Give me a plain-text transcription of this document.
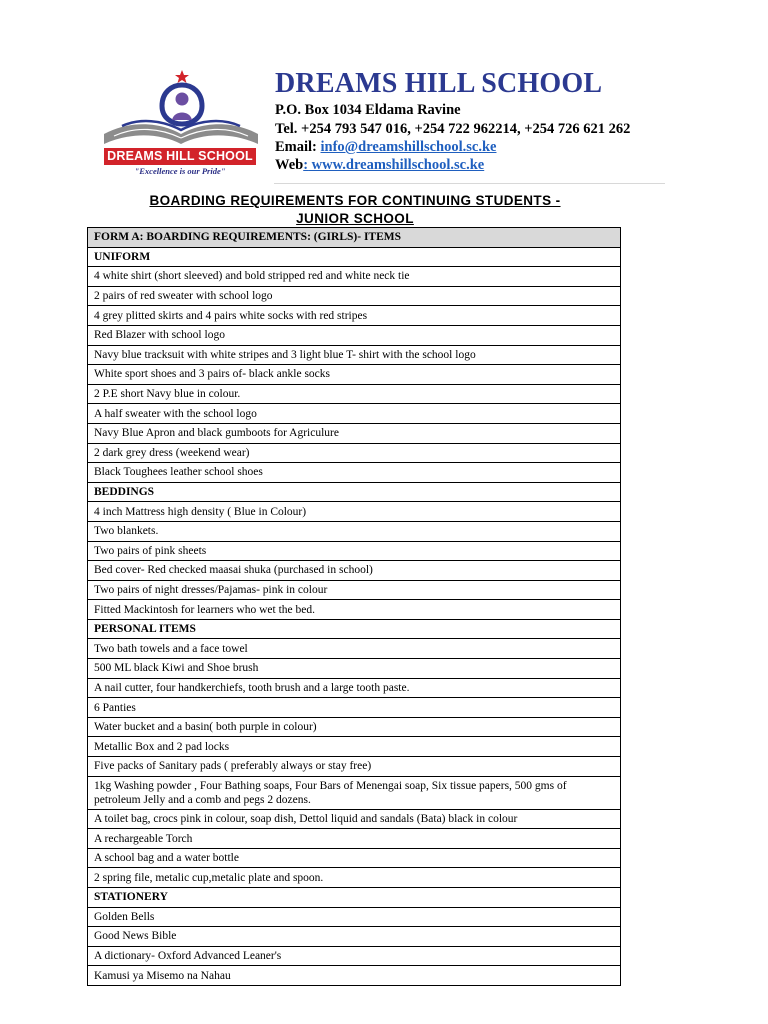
DREAMS HILL SCHOOL
"Excellence is our Pride"
DREAMS HILL SCHOOL
P.O. Box 1034 Eldama Ravine
Tel. +254 793 547 016, +254 722 962214, +254 726 621 262
Email: info@dreamshillschool.sc.ke
Web: www.dreamshillschool.sc.ke
BOARDING REQUIREMENTS FOR CONTINUING STUDENTS -
JUNIOR SCHOOL
FORM A: BOARDING REQUIREMENTS: (GIRLS)- ITEMS
UNIFORM
4 white shirt (short sleeved) and bold stripped red and white neck tie
2 pairs of red sweater with school logo
4 grey plitted skirts and 4 pairs white socks with red stripes
Red Blazer with school logo
Navy blue tracksuit with white stripes and 3 light blue T- shirt with the school logo
White sport shoes and 3 pairs of- black ankle socks
2 P.E short Navy blue in colour.
A half sweater with the school logo
Navy Blue Apron and black gumboots for Agriculure
2 dark grey dress (weekend wear)
Black Toughees leather school shoes
BEDDINGS
4 inch Mattress high density ( Blue in Colour)
Two blankets.
Two pairs of pink sheets
Bed cover- Red checked maasai shuka (purchased in school)
Two pairs of night dresses/Pajamas- pink in colour
Fitted Mackintosh for learners who wet the bed.
PERSONAL ITEMS
Two bath towels and a face towel
500 ML black Kiwi and Shoe brush
A nail cutter, four handkerchiefs, tooth brush and a large tooth paste.
6 Panties
Water bucket and a basin( both purple in colour)
Metallic Box and 2 pad locks
Five packs of Sanitary pads ( preferably always or stay free)
1kg Washing powder , Four Bathing soaps, Four Bars of Menengai soap, Six tissue papers, 500 gms of petroleum Jelly and a comb and pegs 2 dozens.
A toilet bag, crocs pink in colour, soap dish, Dettol liquid and sandals (Bata) black in colour
A rechargeable Torch
A school bag and a water bottle
2 spring file, metalic cup,metalic plate and spoon.
STATIONERY
Golden Bells
Good News Bible
A dictionary- Oxford Advanced Leaner's
Kamusi ya Misemo na Nahau
